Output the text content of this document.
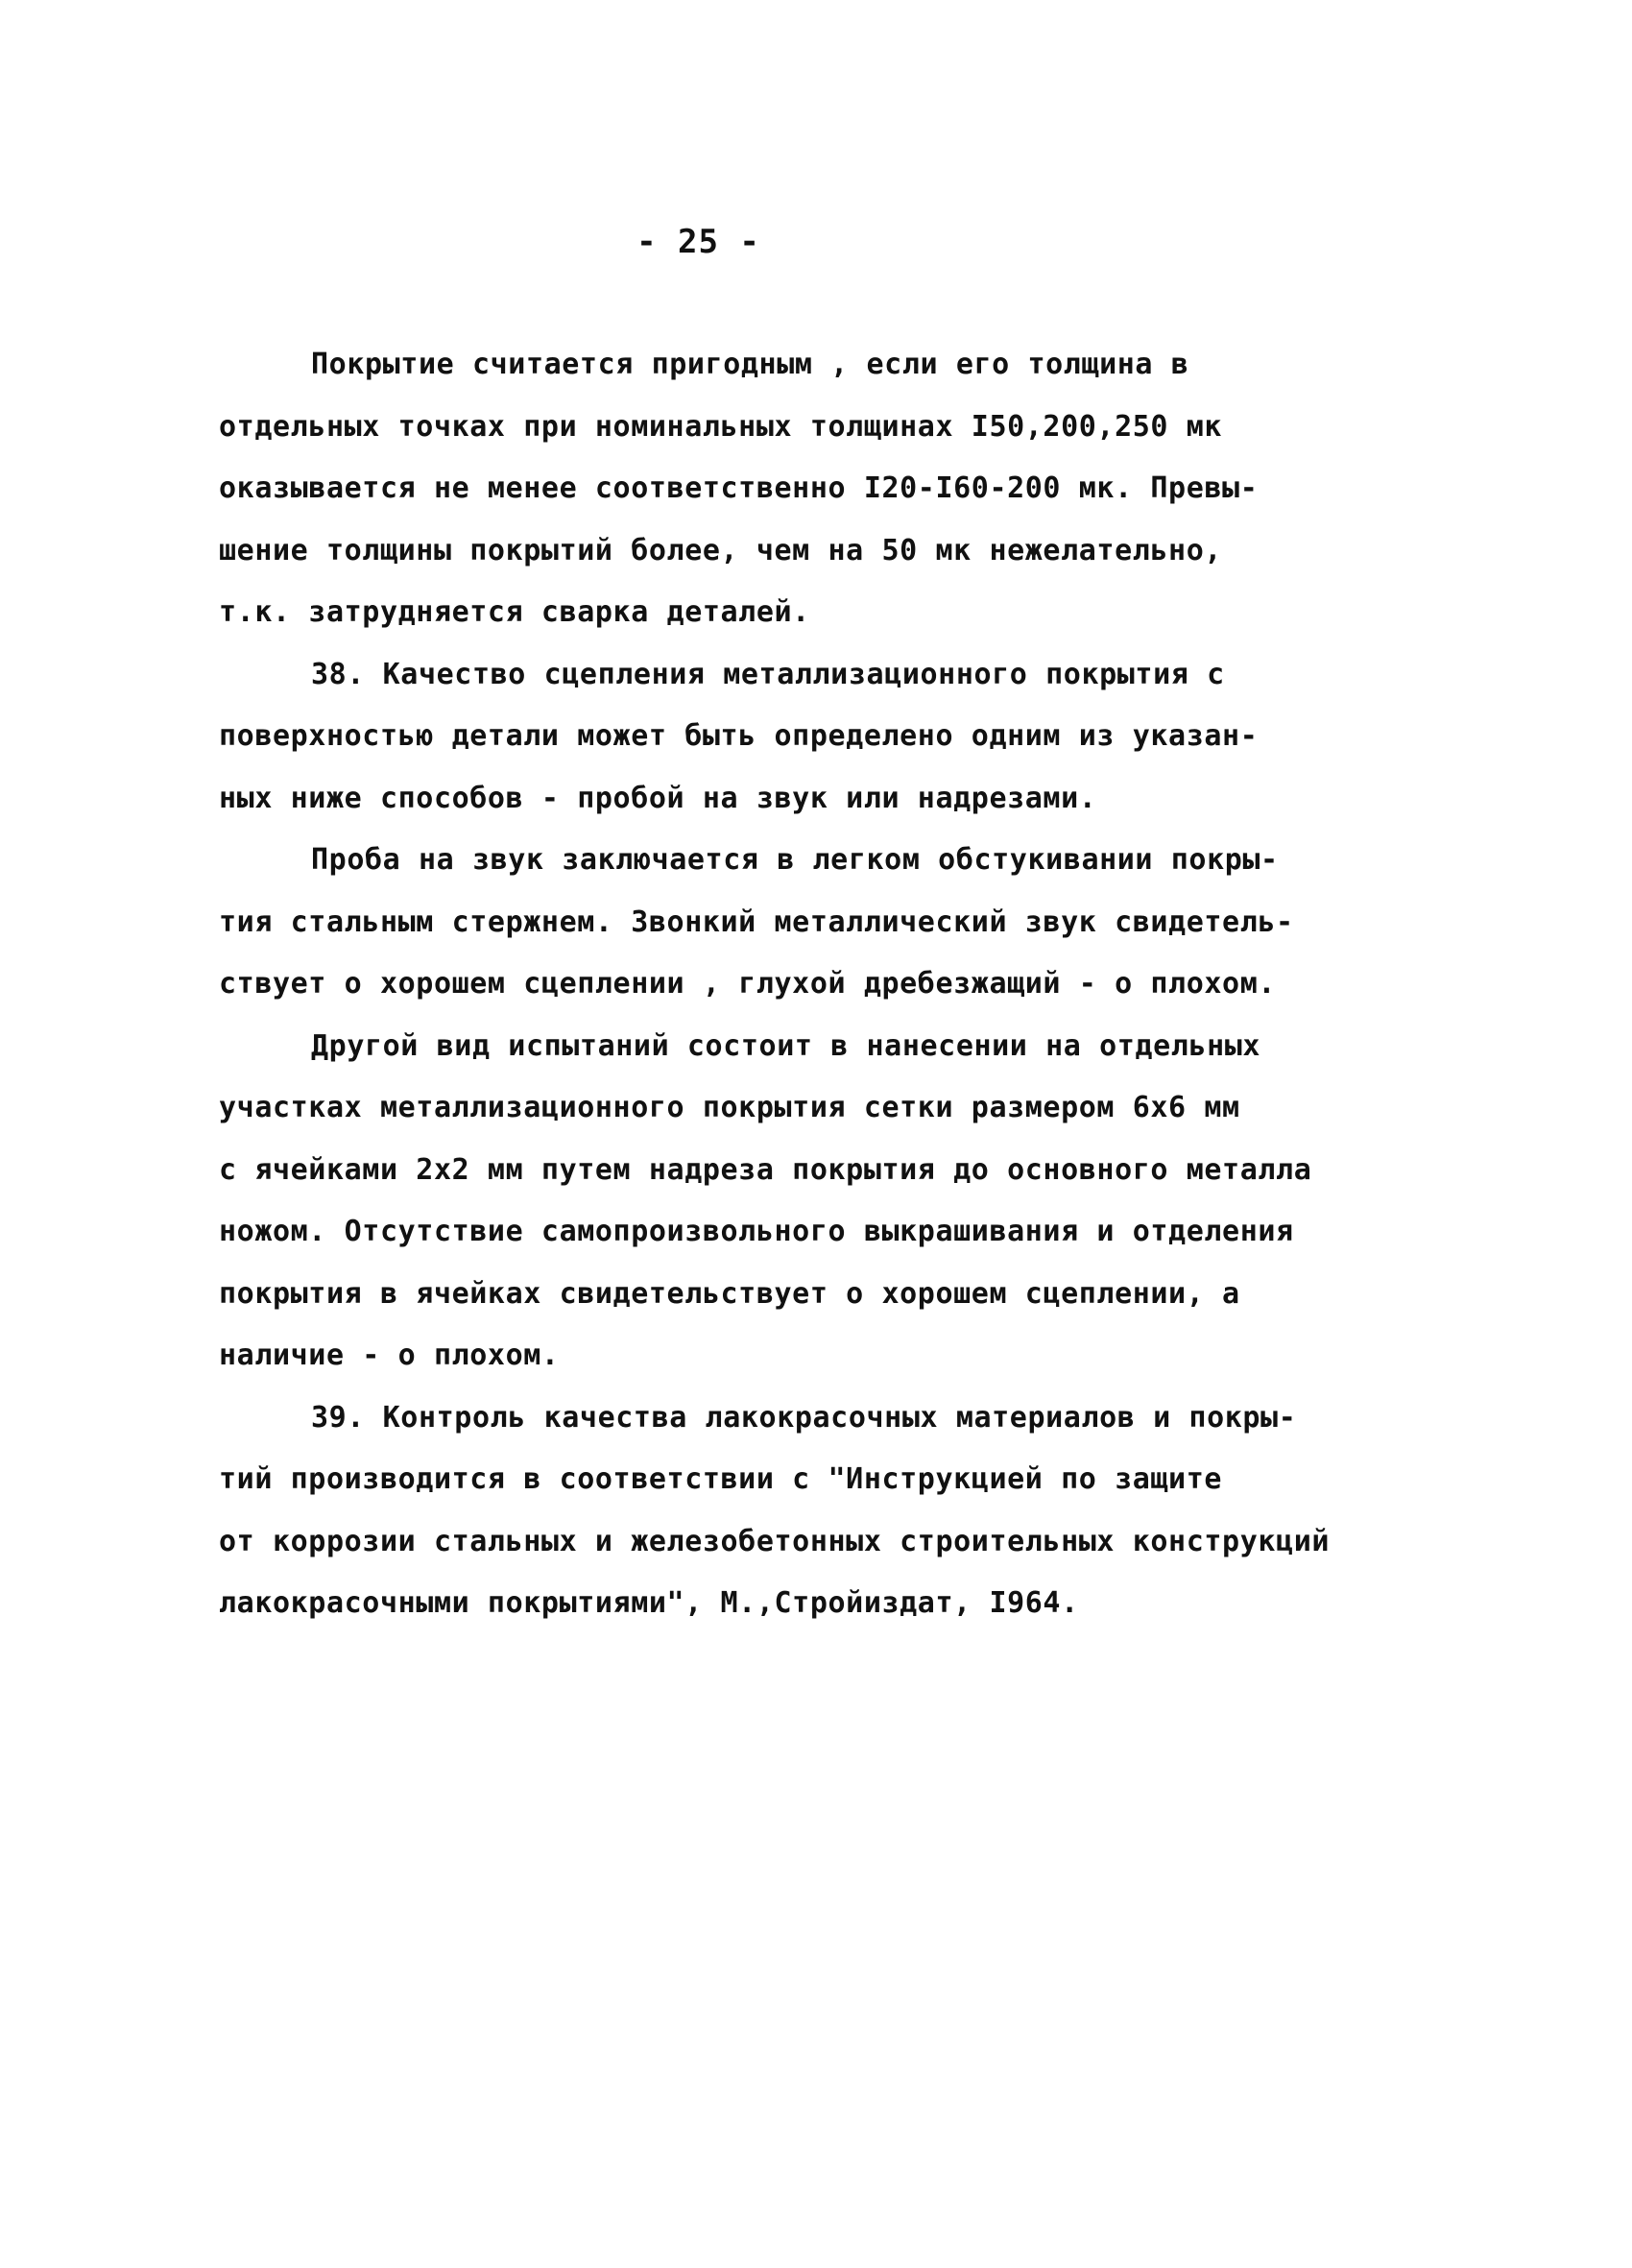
- 25 -
Покрытие считается пригодным , если его толщина в
отдельных точках при номинальных толщинах I50,200,250 мк
оказывается не менее соответственно I20-I60-200 мк. Превы-
шение толщины покрытий более, чем на 50 мк нежелательно,
т.к. затрудняется сварка деталей.
38. Качество сцепления металлизационного покрытия с
поверхностью детали может быть определено одним из указан-
ных ниже способов - пробой на звук или надрезами.
Проба на звук заключается в легком обстукивании покры-
тия стальным стержнем. Звонкий металлический звук свидетель-
ствует о хорошем сцеплении , глухой дребезжащий - о плохом.
Другой вид испытаний состоит в нанесении на отдельных
участках металлизационного покрытия сетки размером 6х6 мм
с ячейками 2х2 мм путем надреза покрытия до основного металла
ножом. Отсутствие самопроизвольного выкрашивания и отделения
покрытия в ячейках свидетельствует о хорошем сцеплении, а
наличие - о плохом.
39. Контроль качества лакокрасочных материалов и покры-
тий производится в соответствии с "Инструкцией по защите
от коррозии стальных и железобетонных строительных конструкций
лакокрасочными покрытиями", М.,Стройиздат, I964.
